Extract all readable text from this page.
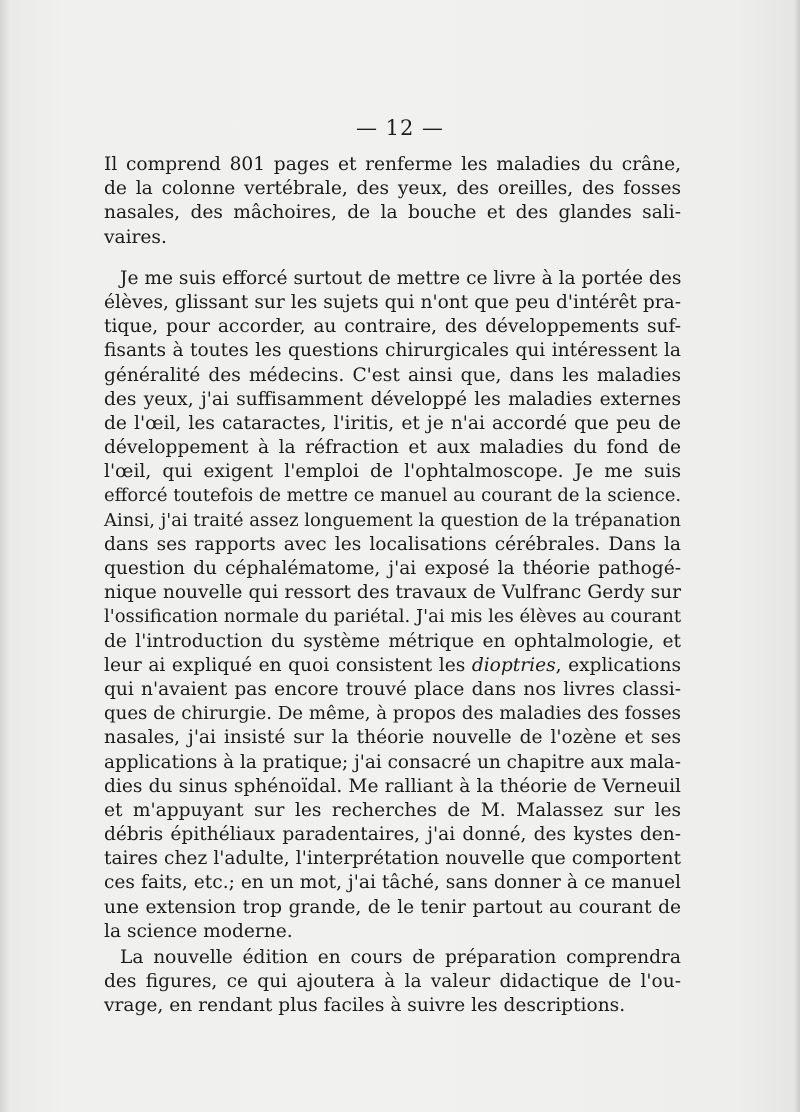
— 12 —
Il comprend 801 pages et renferme les maladies du crâne,
de la colonne vertébrale, des yeux, des oreilles, des fosses
nasales, des mâchoires, de la bouche et des glandes sali-
vaires.
Je me suis efforcé surtout de mettre ce livre à la portée des
élèves, glissant sur les sujets qui n'ont que peu d'intérêt pra-
tique, pour accorder, au contraire, des développements suf-
fisants à toutes les questions chirurgicales qui intéressent la
généralité des médecins. C'est ainsi que, dans les maladies
des yeux, j'ai suffisamment développé les maladies externes
de l'œil, les cataractes, l'iritis, et je n'ai accordé que peu de
développement à la réfraction et aux maladies du fond de
l'œil, qui exigent l'emploi de l'ophtalmoscope. Je me suis
efforcé toutefois de mettre ce manuel au courant de la science.
Ainsi, j'ai traité assez longuement la question de la trépanation
dans ses rapports avec les localisations cérébrales. Dans la
question du céphalématome, j'ai exposé la théorie pathogé-
nique nouvelle qui ressort des travaux de Vulfranc Gerdy sur
l'ossification normale du pariétal. J'ai mis les élèves au courant
de l'introduction du système métrique en ophtalmologie, et
leur ai expliqué en quoi consistent les dioptries, explications
qui n'avaient pas encore trouvé place dans nos livres classi-
ques de chirurgie. De même, à propos des maladies des fosses
nasales, j'ai insisté sur la théorie nouvelle de l'ozène et ses
applications à la pratique; j'ai consacré un chapitre aux mala-
dies du sinus sphénoïdal. Me ralliant à la théorie de Verneuil
et m'appuyant sur les recherches de M. Malassez sur les
débris épithéliaux paradentaires, j'ai donné, des kystes den-
taires chez l'adulte, l'interprétation nouvelle que comportent
ces faits, etc.; en un mot, j'ai tâché, sans donner à ce manuel
une extension trop grande, de le tenir partout au courant de
la science moderne.
La nouvelle édition en cours de préparation comprendra
des figures, ce qui ajoutera à la valeur didactique de l'ou-
vrage, en rendant plus faciles à suivre les descriptions.
